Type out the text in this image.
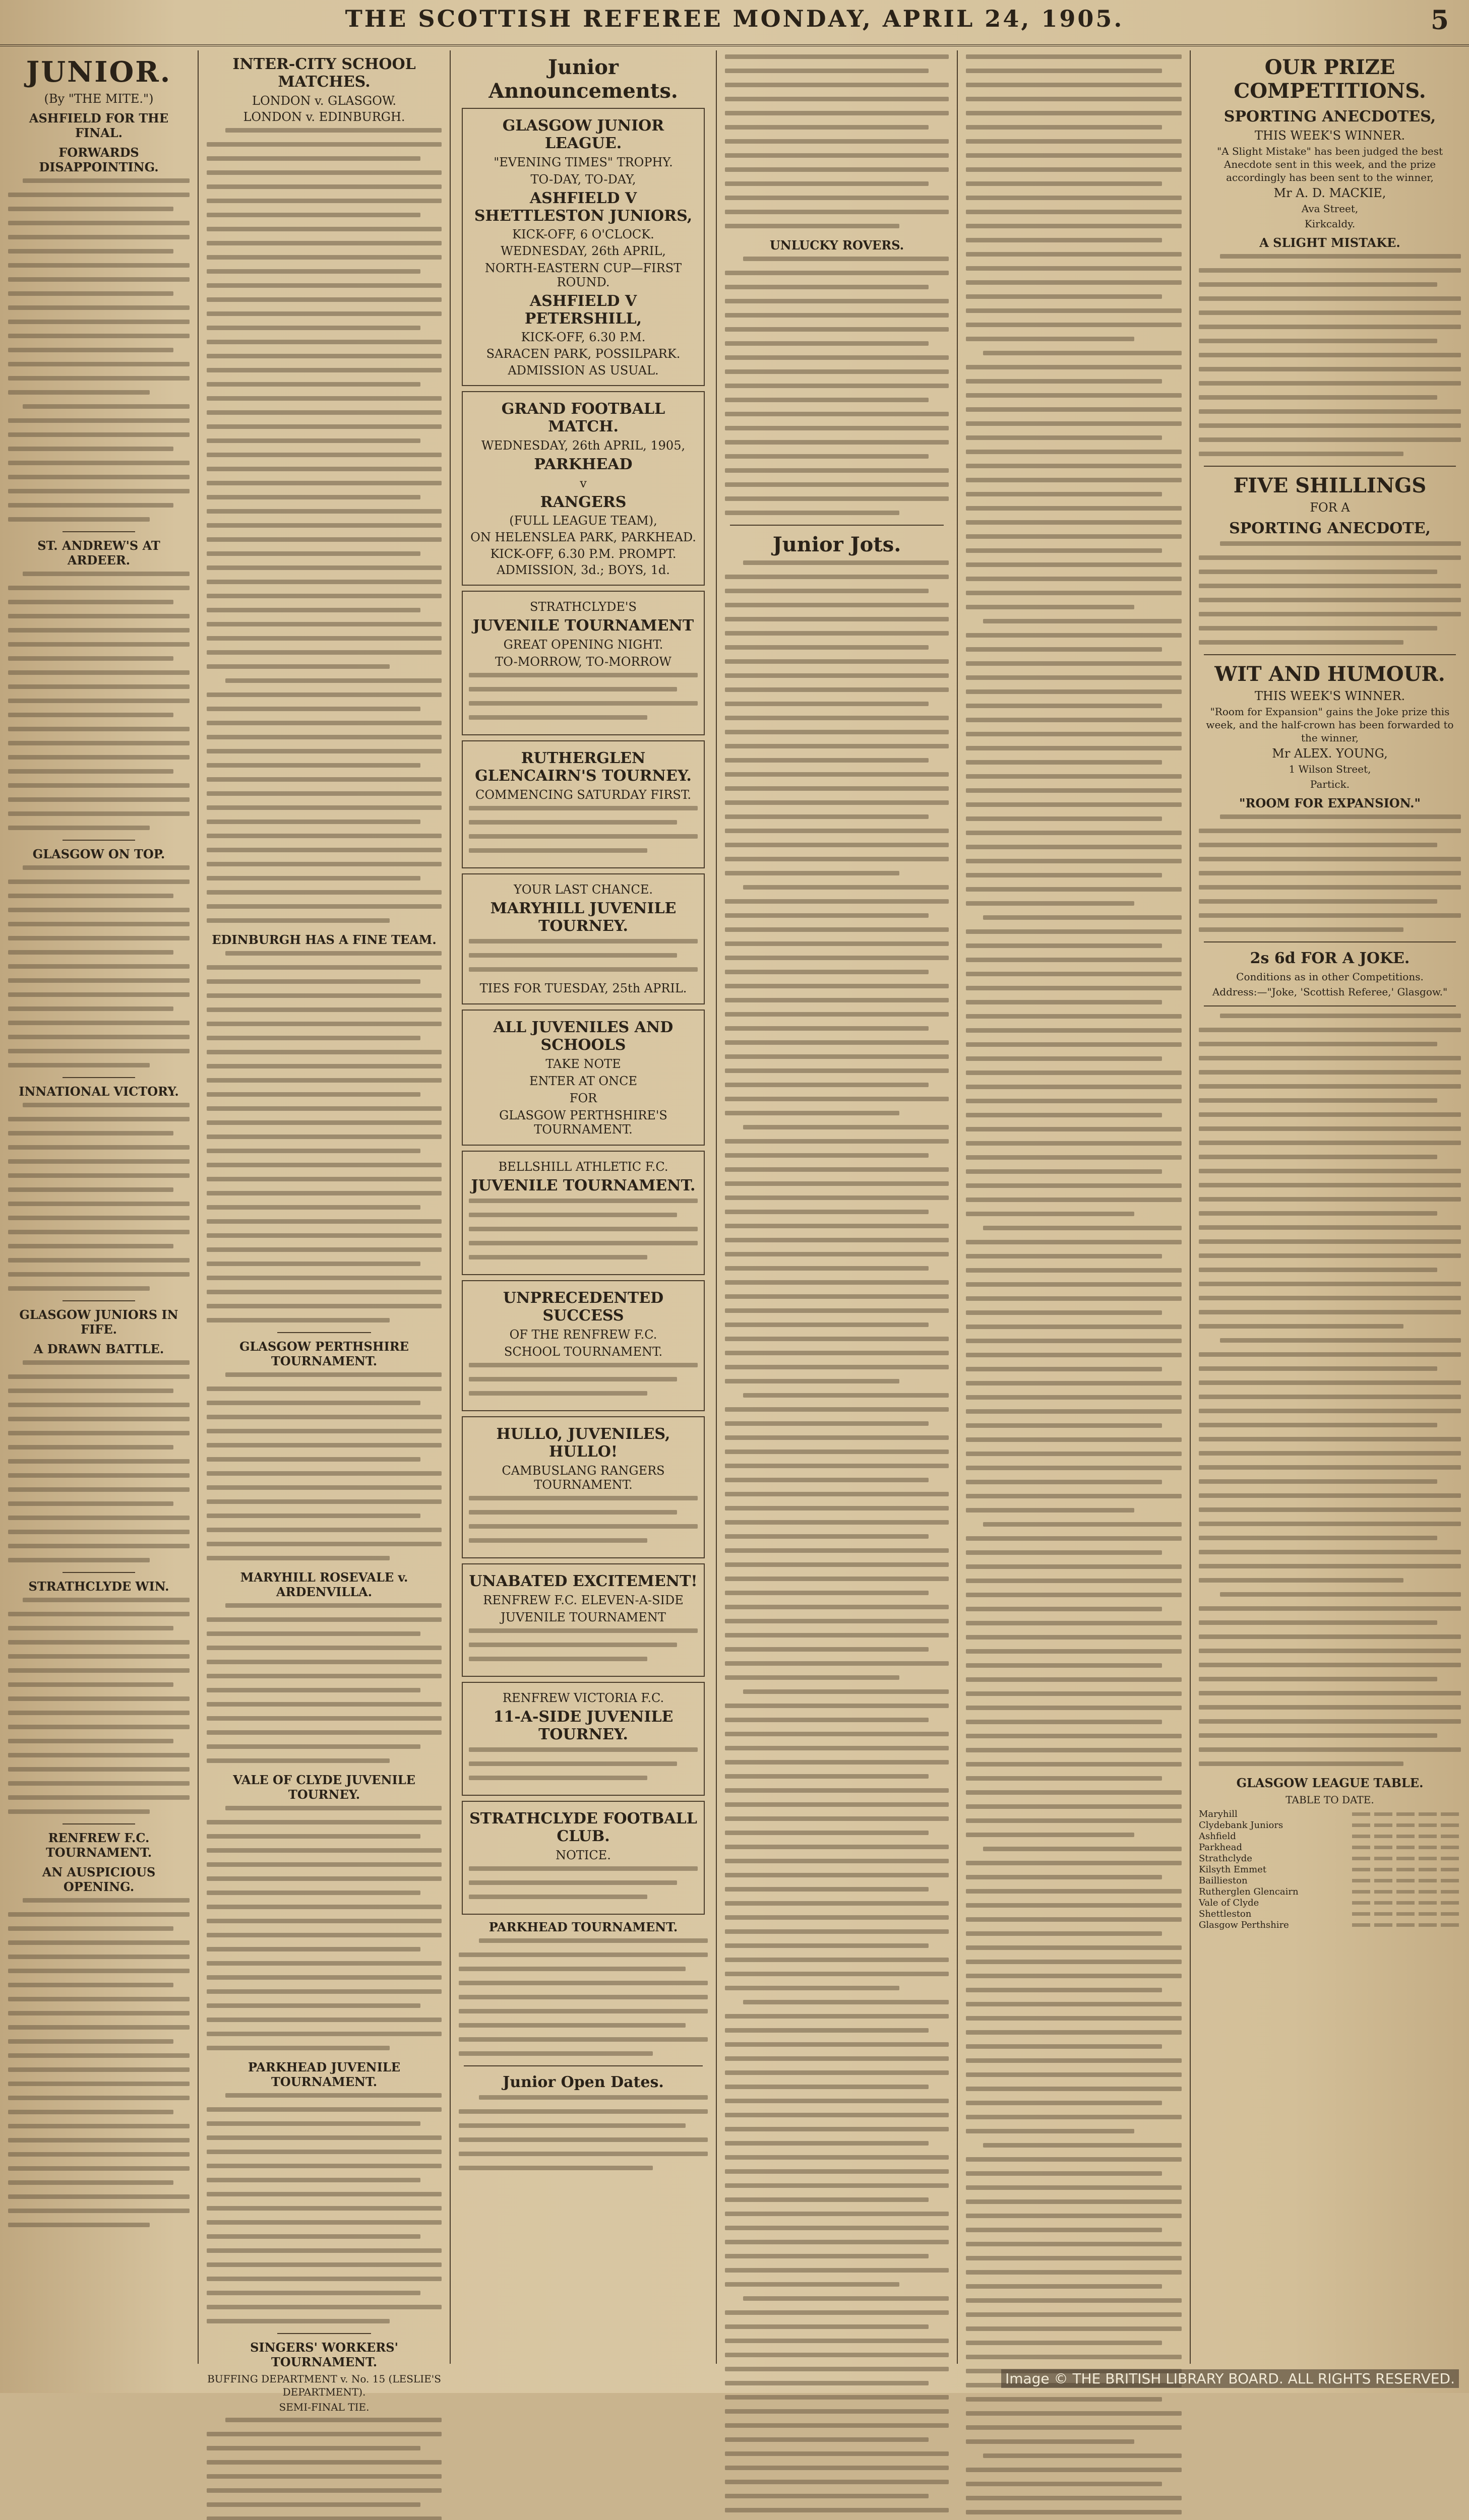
THE SCOTTISH REFEREE MONDAY, APRIL 24, 1905.	5
JUNIOR.
(By "THE MITE.")
ASHFIELD FOR THE FINAL.
FORWARDS DISAPPOINTING.
ST. ANDREW'S AT ARDEER.
GLASGOW ON TOP.
INNATIONAL VICTORY.
GLASGOW JUNIORS IN FIFE.
A DRAWN BATTLE.
STRATHCLYDE WIN.
RENFREW F.C. TOURNAMENT.
AN AUSPICIOUS OPENING.
INTER-CITY SCHOOL MATCHES.
LONDON v. GLASGOW.
LONDON v. EDINBURGH.
EDINBURGH HAS A FINE TEAM.
GLASGOW PERTHSHIRE TOURNAMENT.
MARYHILL ROSEVALE v. ARDENVILLA.
VALE OF CLYDE JUVENILE TOURNEY.
PARKHEAD JUVENILE TOURNAMENT.
SINGERS' WORKERS' TOURNAMENT.
BUFFING DEPARTMENT v. No. 15 (LESLIE'S DEPARTMENT).
SEMI-FINAL TIE.
Junior Announcements.
GLASGOW JUNIOR LEAGUE.
"EVENING TIMES" TROPHY.
TO-DAY, TO-DAY,
ASHFIELD V SHETTLESTON JUNIORS,
KICK-OFF, 6 O'CLOCK.
WEDNESDAY, 26th APRIL,
NORTH-EASTERN CUP—FIRST ROUND.
ASHFIELD V PETERSHILL,
KICK-OFF, 6.30 P.M.
SARACEN PARK, POSSILPARK.
ADMISSION AS USUAL.
GRAND FOOTBALL MATCH.
WEDNESDAY, 26th APRIL, 1905,
PARKHEAD
v
RANGERS
(FULL LEAGUE TEAM),
ON HELENSLEA PARK, PARKHEAD.
KICK-OFF, 6.30 P.M. PROMPT.
ADMISSION, 3d.; BOYS, 1d.
STRATHCLYDE'S
JUVENILE TOURNAMENT
GREAT OPENING NIGHT.
TO-MORROW, TO-MORROW
RUTHERGLEN GLENCAIRN'S TOURNEY.
COMMENCING SATURDAY FIRST.
YOUR LAST CHANCE.
MARYHILL JUVENILE TOURNEY.
TIES FOR TUESDAY, 25th APRIL.
ALL JUVENILES AND SCHOOLS
TAKE NOTE
ENTER AT ONCE
FOR
GLASGOW PERTHSHIRE'S TOURNAMENT.
BELLSHILL ATHLETIC F.C.
JUVENILE TOURNAMENT.
UNPRECEDENTED SUCCESS
OF THE RENFREW F.C.
SCHOOL TOURNAMENT.
HULLO, JUVENILES, HULLO!
CAMBUSLANG RANGERS TOURNAMENT.
UNABATED EXCITEMENT!
RENFREW F.C. ELEVEN-A-SIDE
JUVENILE TOURNAMENT
RENFREW VICTORIA F.C.
11-A-SIDE JUVENILE TOURNEY.
STRATHCLYDE FOOTBALL CLUB.
NOTICE.
PARKHEAD TOURNAMENT.
Junior Open Dates.
UNLUCKY ROVERS.
Junior Jots.
OUR PRIZE COMPETITIONS.
SPORTING ANECDOTES,
THIS WEEK'S WINNER.
"A Slight Mistake" has been judged the best Anecdote sent in this week, and the prize accordingly has been sent to the winner,
Mr A. D. MACKIE,
Ava Street,
Kirkcaldy.
A SLIGHT MISTAKE.
FIVE SHILLINGS
FOR A
SPORTING ANECDOTE,
WIT AND HUMOUR.
THIS WEEK'S WINNER.
"Room for Expansion" gains the Joke prize this week, and the half-crown has been forwarded to the winner,
Mr ALEX. YOUNG,
1 Wilson Street,
Partick.
"ROOM FOR EXPANSION."
2s 6d FOR A JOKE.
Conditions as in other Competitions.
Address:—"Joke, 'Scottish Referee,' Glasgow."
GLASGOW LEAGUE TABLE.
TABLE TO DATE.
Maryhill
Clydebank Juniors
Ashfield
Parkhead
Strathclyde
Kilsyth Emmet
Baillieston
Rutherglen Glencairn
Vale of Clyde
Shettleston
Glasgow Perthshire
Image © THE BRITISH LIBRARY BOARD. ALL RIGHTS RESERVED.
